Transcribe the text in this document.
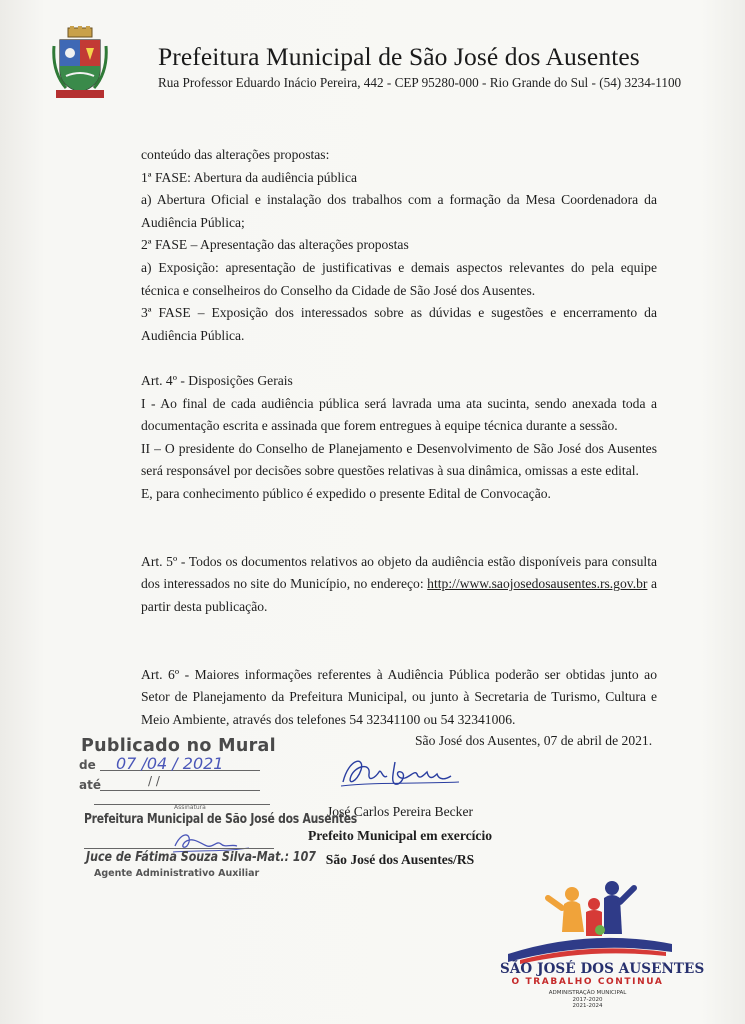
Prefeitura Municipal de São José dos Ausentes
Rua Professor Eduardo Inácio Pereira, 442 - CEP 95280-000 - Rio Grande do Sul - (54) 3234-1100

conteúdo das alterações propostas:

1ª FASE: Abertura da audiência pública

a) Abertura Oficial e instalação dos trabalhos com a formação da Mesa Coordenadora da Audiência Pública;

2ª FASE – Apresentação das alterações propostas

a) Exposição: apresentação de justificativas e demais aspectos relevantes do pela equipe técnica e conselheiros do Conselho da Cidade de São José dos Ausentes.

3ª FASE – Exposição dos interessados sobre as dúvidas e sugestões e encerramento da Audiência Pública.

Art. 4º - Disposições Gerais

I - Ao final de cada audiência pública será lavrada uma ata sucinta, sendo anexada toda a documentação escrita e assinada que forem entregues à equipe técnica durante a sessão.

II – O presidente do Conselho de Planejamento e Desenvolvimento de São José dos Ausentes será responsável por decisões sobre questões relativas à sua dinâmica, omissas a este edital.

E, para conhecimento público é expedido o presente Edital de Convocação.

Art. 5º - Todos os documentos relativos ao objeto da audiência estão disponíveis para consulta dos interessados no site do Município, no endereço: http://www.saojosedosausentes.rs.gov.br a partir desta publicação.

Art. 6º - Maiores informações referentes à Audiência Pública poderão ser obtidas junto ao Setor de Planejamento da Prefeitura Municipal, ou junto à Secretaria de Turismo, Cultura e Meio Ambiente, através dos telefones 54 32341100 ou 54 32341006.

São José dos Ausentes, 07 de abril de 2021.
José Carlos Pereira Becker
Prefeito Municipal em exercício
São José dos Ausentes/RS
Publicado no Mural
de 07 /04 / 2021
até	/ /
Assinatura
Prefeitura Municipal de São José dos Ausentes
Juce de Fátima Souza Silva-Mat.: 107
Agente Administrativo Auxiliar
SÃO JOSÉ DOS AUSENTES
O TRABALHO CONTINUA
ADMINISTRAÇÃO MUNICIPAL
2017-2020
2021-2024
